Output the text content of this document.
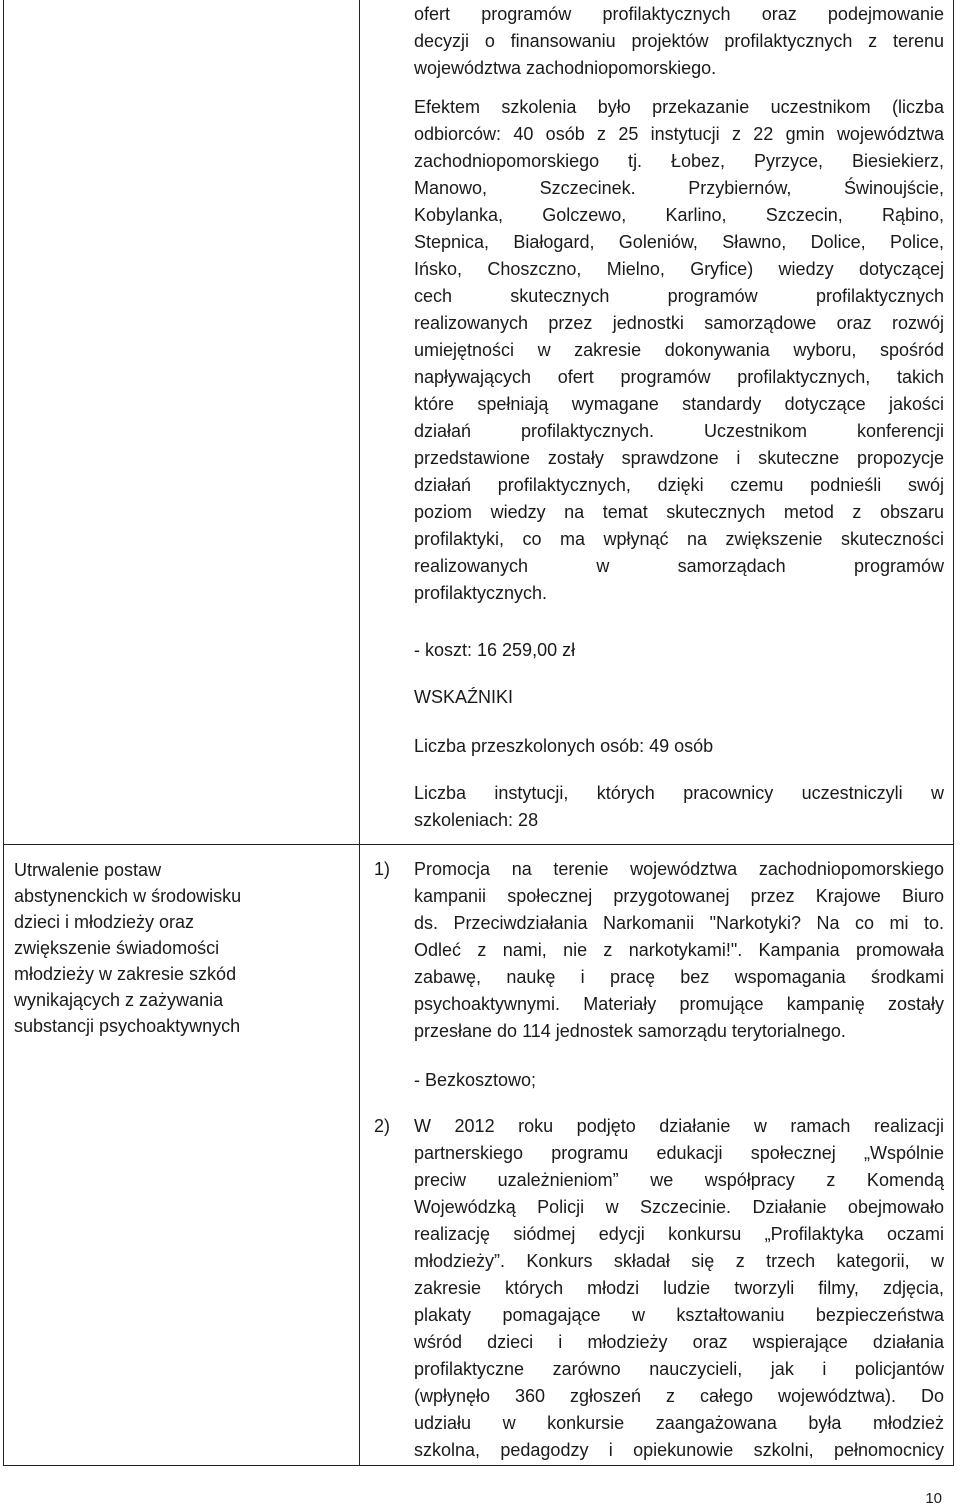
ofert programów profilaktycznych oraz podejmowanie
decyzji o finansowaniu projektów profilaktycznych z terenu
województwa zachodniopomorskiego.

Efektem szkolenia było przekazanie uczestnikom (liczba
odbiorców: 40 osób z 25 instytucji z 22 gmin województwa
zachodniopomorskiego tj. Łobez, Pyrzyce, Biesiekierz,
Manowo, Szczecinek. Przybiernów, Świnoujście,
Kobylanka, Golczewo, Karlino, Szczecin, Rąbino,
Stepnica, Białogard, Goleniów, Sławno, Dolice, Police,
Ińsko, Choszczno, Mielno, Gryfice) wiedzy dotyczącej
cech skutecznych programów profilaktycznych
realizowanych przez jednostki samorządowe oraz rozwój
umiejętności w zakresie dokonywania wyboru, spośród
napływających ofert programów profilaktycznych, takich
które spełniają wymagane standardy dotyczące jakości
działań profilaktycznych. Uczestnikom konferencji
przedstawione zostały sprawdzone i skuteczne propozycje
działań profilaktycznych, dzięki czemu podnieśli swój
poziom wiedzy na temat skutecznych metod z obszaru
profilaktyki, co ma wpłynąć na zwiększenie skuteczności
realizowanych w samorządach programów
profilaktycznych.

- koszt: 16 259,00 zł

WSKAŹNIKI

Liczba przeszkolonych osób: 49 osób

Liczba instytucji, których pracownicy uczestniczyli w
szkoleniach: 28

Utrwalenie postaw
abstynenckich w środowisku
dzieci i młodzieży oraz
zwiększenie świadomości
młodzieży w zakresie szkód
wynikających z zażywania
substancji psychoaktywnych

1) Promocja na terenie województwa zachodniopomorskiego
kampanii społecznej przygotowanej przez Krajowe Biuro
ds. Przeciwdziałania Narkomanii "Narkotyki? Na co mi to.
Odleć z nami, nie z narkotykami!". Kampania promowała
zabawę, naukę i pracę bez wspomagania środkami
psychoaktywnymi. Materiały promujące kampanię zostały
przesłane do 114 jednostek samorządu terytorialnego.

- Bezkosztowo;

2) W 2012 roku podjęto działanie w ramach realizacji
partnerskiego programu edukacji społecznej „Wspólnie
preciw uzależnieniom” we współpracy z Komendą
Wojewódzką Policji w Szczecinie. Działanie obejmowało
realizację siódmej edycji konkursu „Profilaktyka oczami
młodzieży”. Konkurs składał się z trzech kategorii, w
zakresie których młodzi ludzie tworzyli filmy, zdjęcia,
plakaty pomagające w kształtowaniu bezpieczeństwa
wśród dzieci i młodzieży oraz wspierające działania
profilaktyczne zarówno nauczycieli, jak i policjantów
(wpłynęło 360 zgłoszeń z całego województwa). Do
udziału w konkursie zaangażowana była młodzież
szkolna, pedagodzy i opiekunowie szkolni, pełnomocnicy

10
